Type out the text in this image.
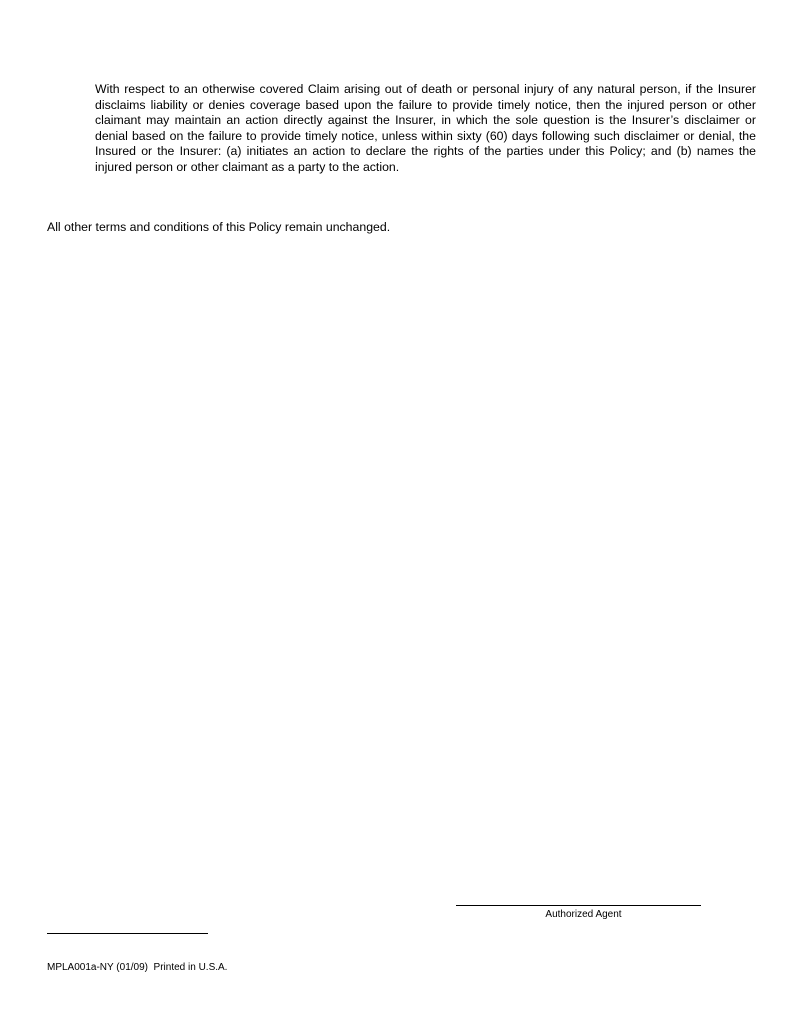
With respect to an otherwise covered Claim arising out of death or personal injury of any natural person, if the Insurer disclaims liability or denies coverage based upon the failure to provide timely notice, then the injured person or other claimant may maintain an action directly against the Insurer, in which the sole question is the Insurer’s disclaimer or denial based on the failure to provide timely notice, unless within sixty (60) days following such disclaimer or denial, the Insured or the Insurer: (a) initiates an action to declare the rights of the parties under this Policy; and (b) names the injured person or other claimant as a party to the action.

All other terms and conditions of this Policy remain unchanged.

Authorized Agent
MPLA001a-NY (01/09)  Printed in U.S.A.
